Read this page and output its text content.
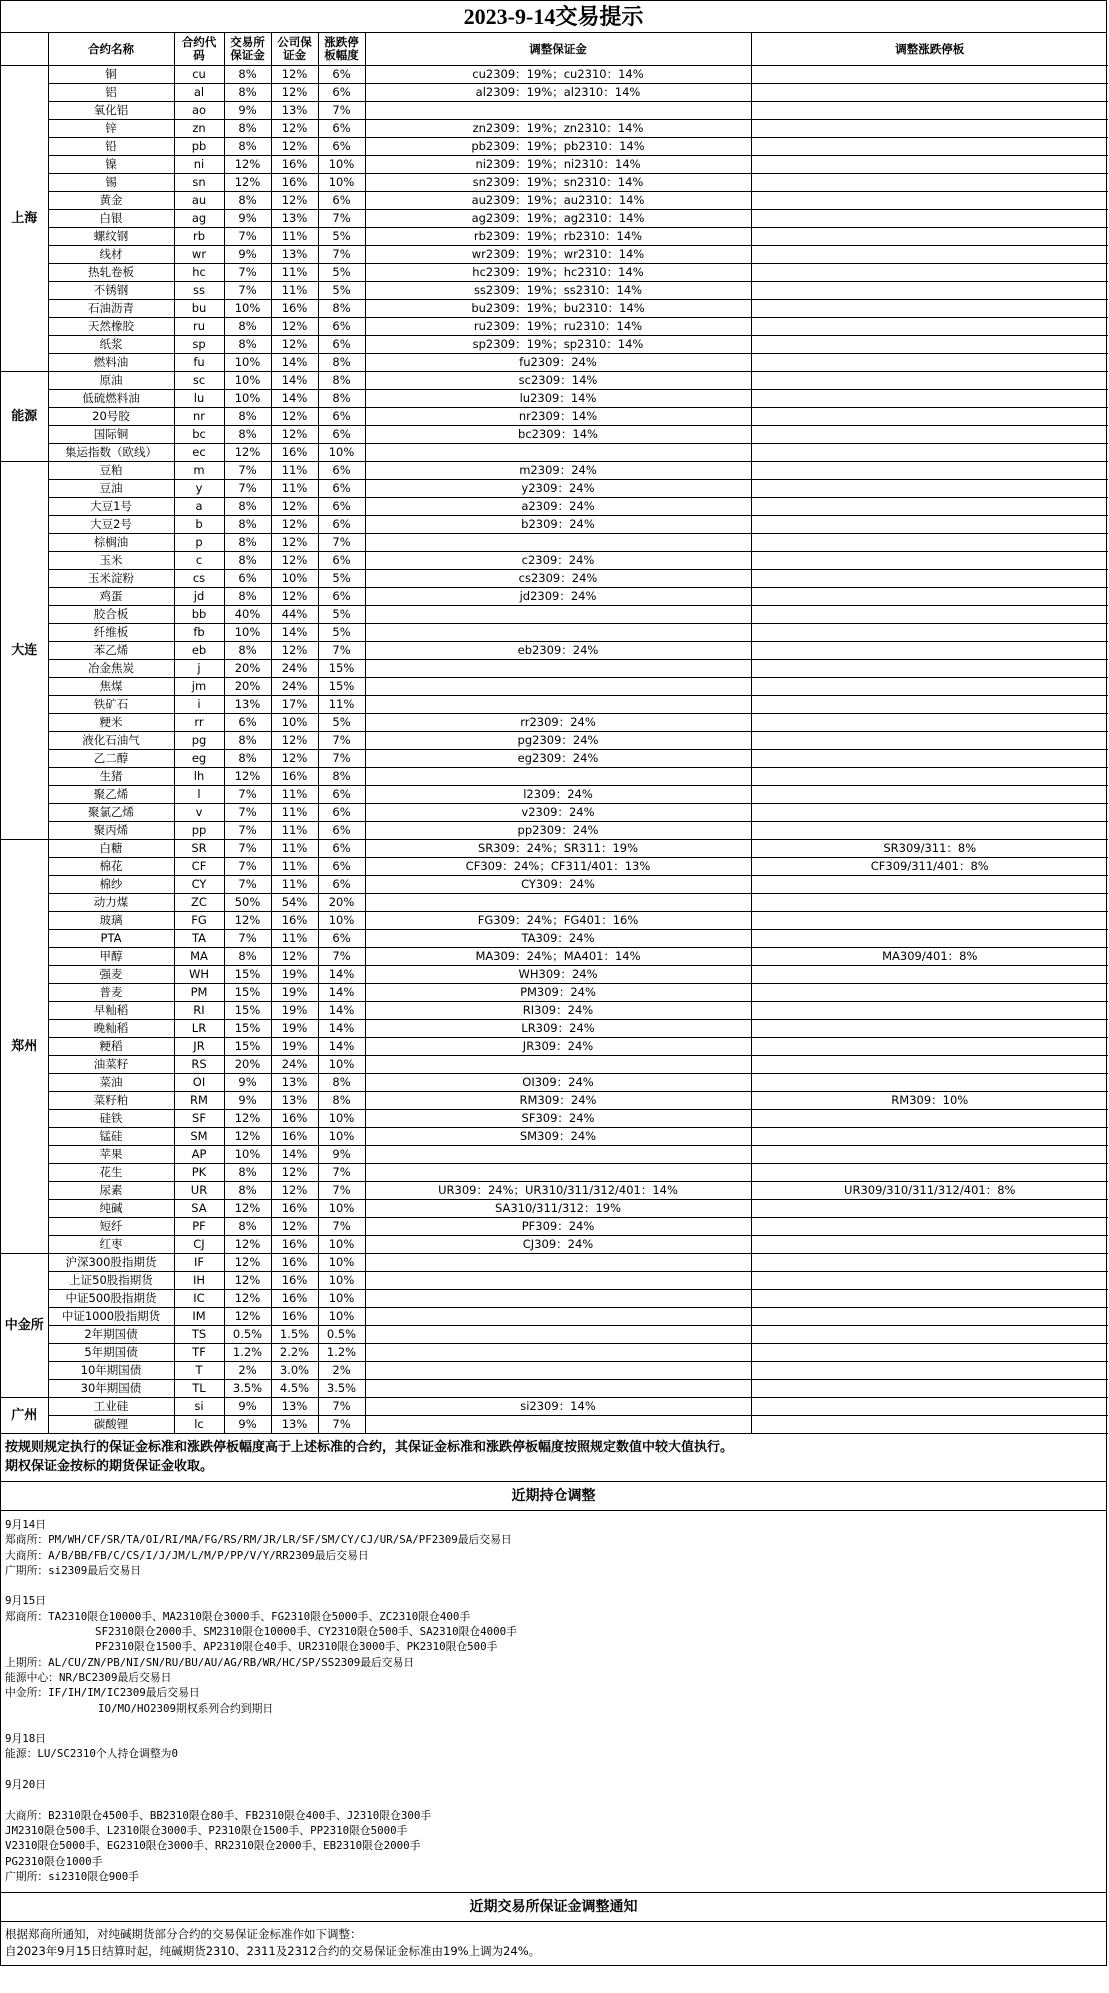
2023-9-14交易提示
	合约名称	合约代码	交易所保证金	公司保证金	涨跌停板幅度	调整保证金	调整涨跌停板
上海	铜	cu	8%	12%	6%	cu2309：19%；cu2310：14%	
	铝	al	8%	12%	6%	al2309：19%；al2310：14%	
	氧化铝	ao	9%	13%	7%		
	锌	zn	8%	12%	6%	zn2309：19%；zn2310：14%	
	铅	pb	8%	12%	6%	pb2309：19%；pb2310：14%	
	镍	ni	12%	16%	10%	ni2309：19%；ni2310：14%	
	锡	sn	12%	16%	10%	sn2309：19%；sn2310：14%	
	黄金	au	8%	12%	6%	au2309：19%；au2310：14%	
	白银	ag	9%	13%	7%	ag2309：19%；ag2310：14%	
	螺纹钢	rb	7%	11%	5%	rb2309：19%；rb2310：14%	
	线材	wr	9%	13%	7%	wr2309：19%；wr2310：14%	
	热轧卷板	hc	7%	11%	5%	hc2309：19%；hc2310：14%	
	不锈钢	ss	7%	11%	5%	ss2309：19%；ss2310：14%	
	石油沥青	bu	10%	16%	8%	bu2309：19%；bu2310：14%	
	天然橡胶	ru	8%	12%	6%	ru2309：19%；ru2310：14%	
	纸浆	sp	8%	12%	6%	sp2309：19%；sp2310：14%	
	燃料油	fu	10%	14%	8%	fu2309：24%	
能源	原油	sc	10%	14%	8%	sc2309：14%	
	低硫燃料油	lu	10%	14%	8%	lu2309：14%	
	20号胶	nr	8%	12%	6%	nr2309：14%	
	国际铜	bc	8%	12%	6%	bc2309：14%	
	集运指数（欧线）	ec	12%	16%	10%		
大连	豆粕	m	7%	11%	6%	m2309：24%	
	豆油	y	7%	11%	6%	y2309：24%	
	大豆1号	a	8%	12%	6%	a2309：24%	
	大豆2号	b	8%	12%	6%	b2309：24%	
	棕榈油	p	8%	12%	7%		
	玉米	c	8%	12%	6%	c2309：24%	
	玉米淀粉	cs	6%	10%	5%	cs2309：24%	
	鸡蛋	jd	8%	12%	6%	jd2309：24%	
	胶合板	bb	40%	44%	5%		
	纤维板	fb	10%	14%	5%		
	苯乙烯	eb	8%	12%	7%	eb2309：24%	
	冶金焦炭	j	20%	24%	15%		
	焦煤	jm	20%	24%	15%		
	铁矿石	i	13%	17%	11%		
	粳米	rr	6%	10%	5%	rr2309：24%	
	液化石油气	pg	8%	12%	7%	pg2309：24%	
	乙二醇	eg	8%	12%	7%	eg2309：24%	
	生猪	lh	12%	16%	8%		
	聚乙烯	l	7%	11%	6%	l2309：24%	
	聚氯乙烯	v	7%	11%	6%	v2309：24%	
	聚丙烯	pp	7%	11%	6%	pp2309：24%	
郑州	白糖	SR	7%	11%	6%	SR309：24%；SR311：19%	SR309/311：8%
	棉花	CF	7%	11%	6%	CF309：24%；CF311/401：13%	CF309/311/401：8%
	棉纱	CY	7%	11%	6%	CY309：24%	
	动力煤	ZC	50%	54%	20%		
	玻璃	FG	12%	16%	10%	FG309：24%；FG401：16%	
	PTA	TA	7%	11%	6%	TA309：24%	
	甲醇	MA	8%	12%	7%	MA309：24%；MA401：14%	MA309/401：8%
	强麦	WH	15%	19%	14%	WH309：24%	
	普麦	PM	15%	19%	14%	PM309：24%	
	早籼稻	RI	15%	19%	14%	RI309：24%	
	晚籼稻	LR	15%	19%	14%	LR309：24%	
	粳稻	JR	15%	19%	14%	JR309：24%	
	油菜籽	RS	20%	24%	10%		
	菜油	OI	9%	13%	8%	OI309：24%	
	菜籽粕	RM	9%	13%	8%	RM309：24%	RM309：10%
	硅铁	SF	12%	16%	10%	SF309：24%	
	锰硅	SM	12%	16%	10%	SM309：24%	
	苹果	AP	10%	14%	9%		
	花生	PK	8%	12%	7%		
	尿素	UR	8%	12%	7%	UR309：24%；UR310/311/312/401：14%	UR309/310/311/312/401：8%
	纯碱	SA	12%	16%	10%	SA310/311/312：19%	
	短纤	PF	8%	12%	7%	PF309：24%	
	红枣	CJ	12%	16%	10%	CJ309：24%	
中金所	沪深300股指期货	IF	12%	16%	10%		
	上证50股指期货	IH	12%	16%	10%		
	中证500股指期货	IC	12%	16%	10%		
	中证1000股指期货	IM	12%	16%	10%		
	2年期国债	TS	0.5%	1.5%	0.5%		
	5年期国债	TF	1.2%	2.2%	1.2%		
	10年期国债	T	2%	3.0%	2%		
	30年期国债	TL	3.5%	4.5%	3.5%		
广州	工业硅	si	9%	13%	7%	si2309：14%	
	碳酸锂	lc	9%	13%	7%		
按规则规定执行的保证金标准和涨跌停板幅度高于上述标准的合约，其保证金标准和涨跌停板幅度按照规定数值中较大值执行。
期权保证金按标的期货保证金收取。
近期持仓调整
9月14日
郑商所：PM/WH/CF/SR/TA/OI/RI/MA/FG/RS/RM/JR/LR/SF/SM/CY/CJ/UR/SA/PF2309最后交易日
大商所：A/B/BB/FB/C/CS/I/J/JM/L/M/P/PP/V/Y/RR2309最后交易日
广期所：si2309最后交易日
9月15日
郑商所：TA2310限仓10000手、MA2310限仓3000手、FG2310限仓5000手、ZC2310限仓400手
SF2310限仓2000手、SM2310限仓10000手、CY2310限仓500手、SA2310限仓4000手
PF2310限仓1500手、AP2310限仓40手、UR2310限仓3000手、PK2310限仓500手
上期所：AL/CU/ZN/PB/NI/SN/RU/BU/AU/AG/RB/WR/HC/SP/SS2309最后交易日
能源中心：NR/BC2309最后交易日
中金所：IF/IH/IM/IC2309最后交易日
IO/MO/HO2309期权系列合约到期日
9月18日
能源：LU/SC2310个人持仓调整为0
9月20日
大商所：B2310限仓4500手、BB2310限仓80手、FB2310限仓400手、J2310限仓300手
JM2310限仓500手、L2310限仓3000手、P2310限仓1500手、PP2310限仓5000手
V2310限仓5000手、EG2310限仓3000手、RR2310限仓2000手、EB2310限仓2000手
PG2310限仓1000手
广期所：si2310限仓900手
近期交易所保证金调整通知
根据郑商所通知，对纯碱期货部分合约的交易保证金标准作如下调整：
自2023年9月15日结算时起，纯碱期货2310、2311及2312合约的交易保证金标准由19%上调为24%。
